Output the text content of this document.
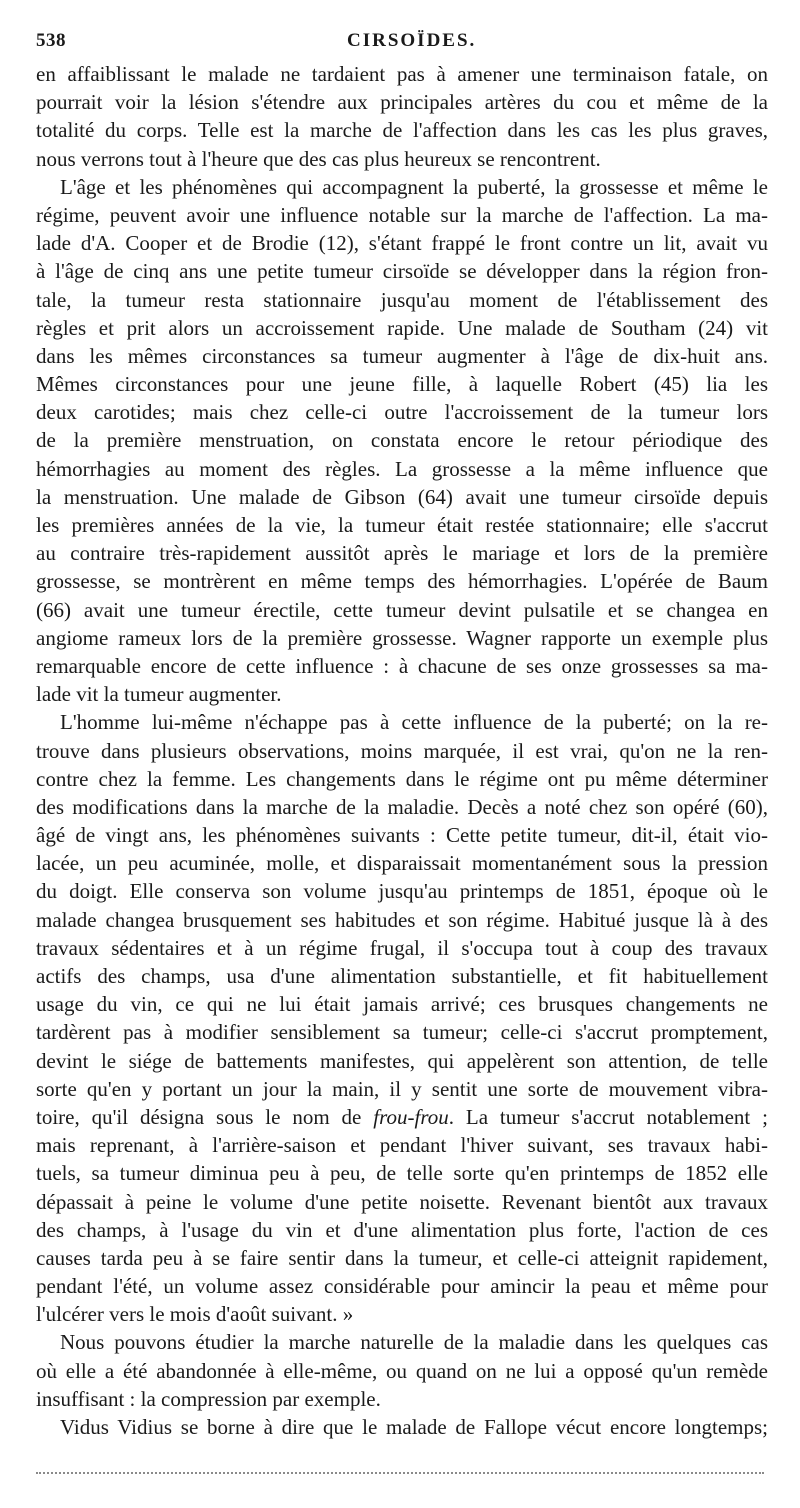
538	CIRSOÏDES.
en affaiblissant le malade ne tardaient pas à amener une terminaison fatale, on
pourrait voir la lésion s'étendre aux principales artères du cou et même de la
totalité du corps. Telle est la marche de l'affection dans les cas les plus graves,
nous verrons tout à l'heure que des cas plus heureux se rencontrent.
L'âge et les phénomènes qui accompagnent la puberté, la grossesse et même le
régime, peuvent avoir une influence notable sur la marche de l'affection. La ma-
lade d'A. Cooper et de Brodie (12), s'étant frappé le front contre un lit, avait vu
à l'âge de cinq ans une petite tumeur cirsoïde se développer dans la région fron-
tale, la tumeur resta stationnaire jusqu'au moment de l'établissement des
règles et prit alors un accroissement rapide. Une malade de Southam (24) vit
dans les mêmes circonstances sa tumeur augmenter à l'âge de dix-huit ans.
Mêmes circonstances pour une jeune fille, à laquelle Robert (45) lia les
deux carotides; mais chez celle-ci outre l'accroissement de la tumeur lors
de la première menstruation, on constata encore le retour périodique des
hémorrhagies au moment des règles. La grossesse a la même influence que
la menstruation. Une malade de Gibson (64) avait une tumeur cirsoïde depuis
les premières années de la vie, la tumeur était restée stationnaire; elle s'accrut
au contraire très-rapidement aussitôt après le mariage et lors de la première
grossesse, se montrèrent en même temps des hémorrhagies. L'opérée de Baum
(66) avait une tumeur érectile, cette tumeur devint pulsatile et se changea en
angiome rameux lors de la première grossesse. Wagner rapporte un exemple plus
remarquable encore de cette influence : à chacune de ses onze grossesses sa ma-
lade vit la tumeur augmenter.
L'homme lui-même n'échappe pas à cette influence de la puberté; on la re-
trouve dans plusieurs observations, moins marquée, il est vrai, qu'on ne la ren-
contre chez la femme. Les changements dans le régime ont pu même déterminer
des modifications dans la marche de la maladie. Decès a noté chez son opéré (60),
âgé de vingt ans, les phénomènes suivants : Cette petite tumeur, dit-il, était vio-
lacée, un peu acuminée, molle, et disparaissait momentanément sous la pression
du doigt. Elle conserva son volume jusqu'au printemps de 1851, époque où le
malade changea brusquement ses habitudes et son régime. Habitué jusque là à des
travaux sédentaires et à un régime frugal, il s'occupa tout à coup des travaux
actifs des champs, usa d'une alimentation substantielle, et fit habituellement
usage du vin, ce qui ne lui était jamais arrivé; ces brusques changements ne
tardèrent pas à modifier sensiblement sa tumeur; celle-ci s'accrut promptement,
devint le siége de battements manifestes, qui appelèrent son attention, de telle
sorte qu'en y portant un jour la main, il y sentit une sorte de mouvement vibra-
toire, qu'il désigna sous le nom de frou-frou. La tumeur s'accrut notablement ;
mais reprenant, à l'arrière-saison et pendant l'hiver suivant, ses travaux habi-
tuels, sa tumeur diminua peu à peu, de telle sorte qu'en printemps de 1852 elle
dépassait à peine le volume d'une petite noisette. Revenant bientôt aux travaux
des champs, à l'usage du vin et d'une alimentation plus forte, l'action de ces
causes tarda peu à se faire sentir dans la tumeur, et celle-ci atteignit rapidement,
pendant l'été, un volume assez considérable pour amincir la peau et même pour
l'ulcérer vers le mois d'août suivant. »
Nous pouvons étudier la marche naturelle de la maladie dans les quelques cas
où elle a été abandonnée à elle-même, ou quand on ne lui a opposé qu'un remède
insuffisant : la compression par exemple.
Vidus Vidius se borne à dire que le malade de Fallope vécut encore longtemps;
